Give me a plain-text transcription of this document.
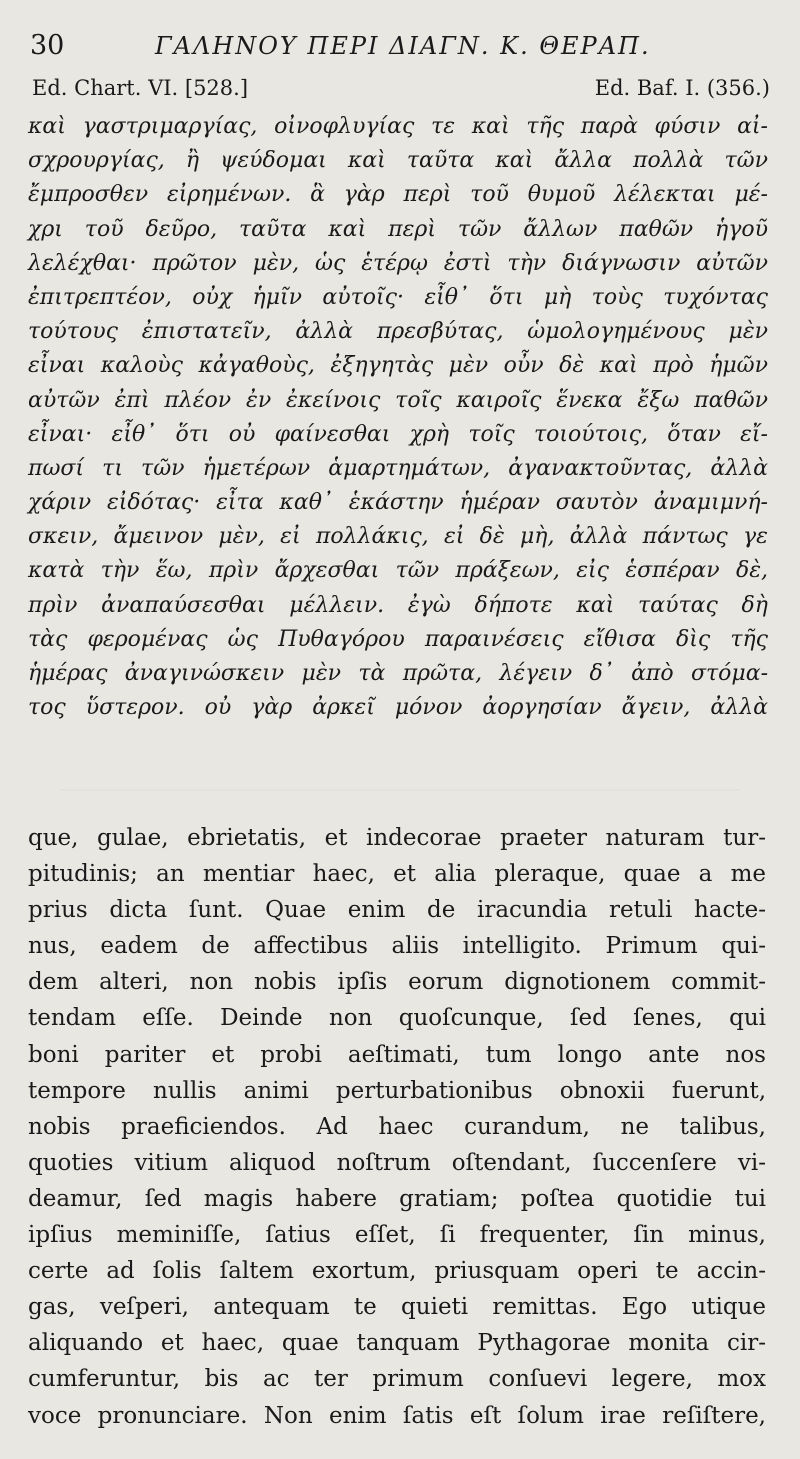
30	ΓΑΛΗΝΟΥ ΠΕΡΙ ΔΙΑΓΝ. Κ. ΘΕΡΑΠ.
Ed. Chart. VI. [528.]	Ed. Baf. I. (356.)
καὶ γαστριμαργίας, οἰνοφλυγίας τε καὶ τῆς παρὰ φύσιν αἰ-
σχρουργίας, ἢ ψεύδομαι καὶ ταῦτα καὶ ἄλλα πολλὰ τῶν
ἔμπροσθεν εἰρημένων. ἃ γὰρ περὶ τοῦ θυμοῦ λέλεκται μέ-
χρι τοῦ δεῦρο, ταῦτα καὶ περὶ τῶν ἄλλων παθῶν ἡγοῦ
λελέχθαι· πρῶτον μὲν, ὡς ἑτέρῳ ἐστὶ τὴν διάγνωσιν αὐτῶν
ἐπιτρεπτέον, οὐχ ἡμῖν αὐτοῖς· εἶθ᾽ ὅτι μὴ τοὺς τυχόντας
τούτους ἐπιστατεῖν, ἀλλὰ πρεσβύτας, ὡμολογημένους μὲν
εἶναι καλοὺς κἀγαθοὺς, ἐξηγητὰς μὲν οὖν δὲ καὶ πρὸ ἡμῶν
αὐτῶν ἐπὶ πλέον ἐν ἐκείνοις τοῖς καιροῖς ἕνεκα ἔξω παθῶν
εἶναι· εἶθ᾽ ὅτι οὐ φαίνεσθαι χρὴ τοῖς τοιούτοις, ὅταν εἴ-
πωσί τι τῶν ἡμετέρων ἁμαρτημάτων, ἀγανακτοῦντας, ἀλλὰ
χάριν εἰδότας· εἶτα καθ᾽ ἑκάστην ἡμέραν σαυτὸν ἀναμιμνή-
σκειν, ἄμεινον μὲν, εἰ πολλάκις, εἰ δὲ μὴ, ἀλλὰ πάντως γε
κατὰ τὴν ἕω, πρὶν ἄρχεσθαι τῶν πράξεων, εἰς ἑσπέραν δὲ,
πρὶν ἀναπαύσεσθαι μέλλειν. ἐγὼ δήποτε καὶ ταύτας δὴ
τὰς φερομένας ὡς Πυθαγόρου παραινέσεις εἴθισα δὶς τῆς
ἡμέρας ἀναγινώσκειν μὲν τὰ πρῶτα, λέγειν δ᾽ ἀπὸ στόμα-
τος ὕστερον. οὐ γὰρ ἀρκεῖ μόνον ἀοργησίαν ἄγειν, ἀλλὰ
que, gulae, ebrietatis, et indecorae praeter naturam tur-
pitudinis; an mentiar haec, et alia pleraque, quae a me
prius dicta ſunt. Quae enim de iracundia retuli hacte-
nus, eadem de affectibus aliis intelligito. Primum qui-
dem alteri, non nobis ipſis eorum dignotionem commit-
tendam eſſe. Deinde non quoſcunque, ſed ſenes, qui
boni pariter et probi aeſtimati, tum longo ante nos
tempore nullis animi perturbationibus obnoxii fuerunt,
nobis praeficiendos. Ad haec curandum, ne talibus,
quoties vitium aliquod noſtrum oſtendant, ſuccenſere vi-
deamur, ſed magis habere gratiam; poſtea quotidie tui
ipſius meminiſſe, ſatius eſſet, ſi frequenter, ſin minus,
certe ad ſolis ſaltem exortum, priusquam operi te accin-
gas, veſperi, antequam te quieti remittas. Ego utique
aliquando et haec, quae tanquam Pythagorae monita cir-
cumferuntur, bis ac ter primum conſuevi legere, mox
voce pronunciare. Non enim ſatis eſt ſolum irae reſiſtere,
